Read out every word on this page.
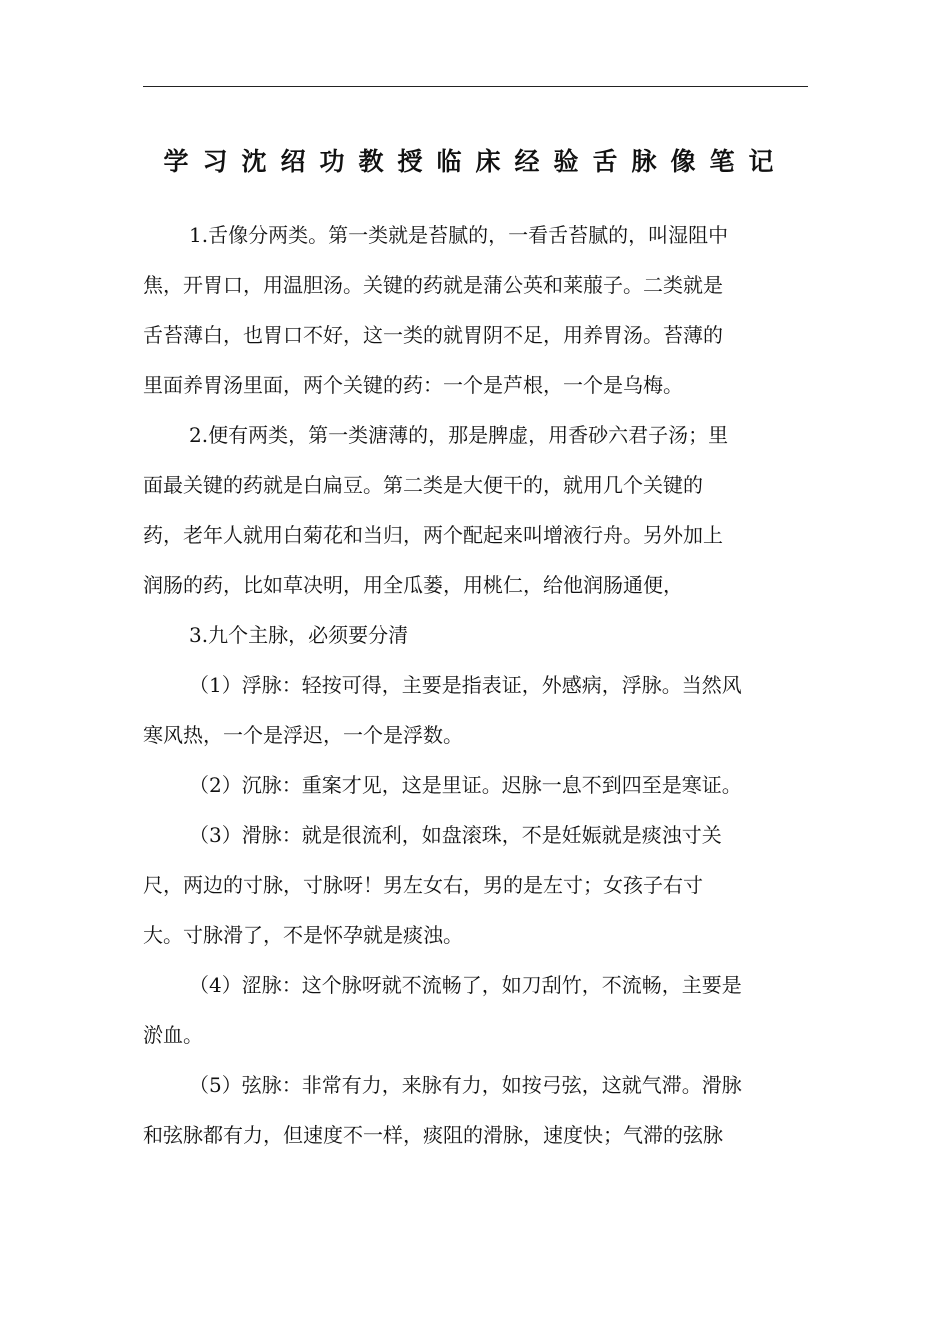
学习沈绍功教授临床经验舌脉像笔记
1.舌像分两类。第一类就是苔腻的，一看舌苔腻的，叫湿阻中
焦，开胃口，用温胆汤。关键的药就是蒲公英和莱菔子。二类就是
舌苔薄白，也胃口不好，这一类的就胃阴不足，用养胃汤。苔薄的
里面养胃汤里面，两个关键的药：一个是芦根，一个是乌梅。
2.便有两类，第一类溏薄的，那是脾虚，用香砂六君子汤；里
面最关键的药就是白扁豆。第二类是大便干的，就用几个关键的
药，老年人就用白菊花和当归，两个配起来叫增液行舟。另外加上
润肠的药，比如草决明，用全瓜蒌，用桃仁，给他润肠通便，
3.九个主脉，必须要分清
（1）浮脉：轻按可得，主要是指表证，外感病，浮脉。当然风
寒风热，一个是浮迟，一个是浮数。
（2）沉脉：重案才见，这是里证。迟脉一息不到四至是寒证。
（3）滑脉：就是很流利，如盘滚珠，不是妊娠就是痰浊寸关
尺，两边的寸脉，寸脉呀！男左女右，男的是左寸；女孩子右寸
大。寸脉滑了，不是怀孕就是痰浊。
（4）涩脉：这个脉呀就不流畅了，如刀刮竹，不流畅，主要是
淤血。
（5）弦脉：非常有力，来脉有力，如按弓弦，这就气滞。滑脉
和弦脉都有力，但速度不一样，痰阻的滑脉，速度快；气滞的弦脉
